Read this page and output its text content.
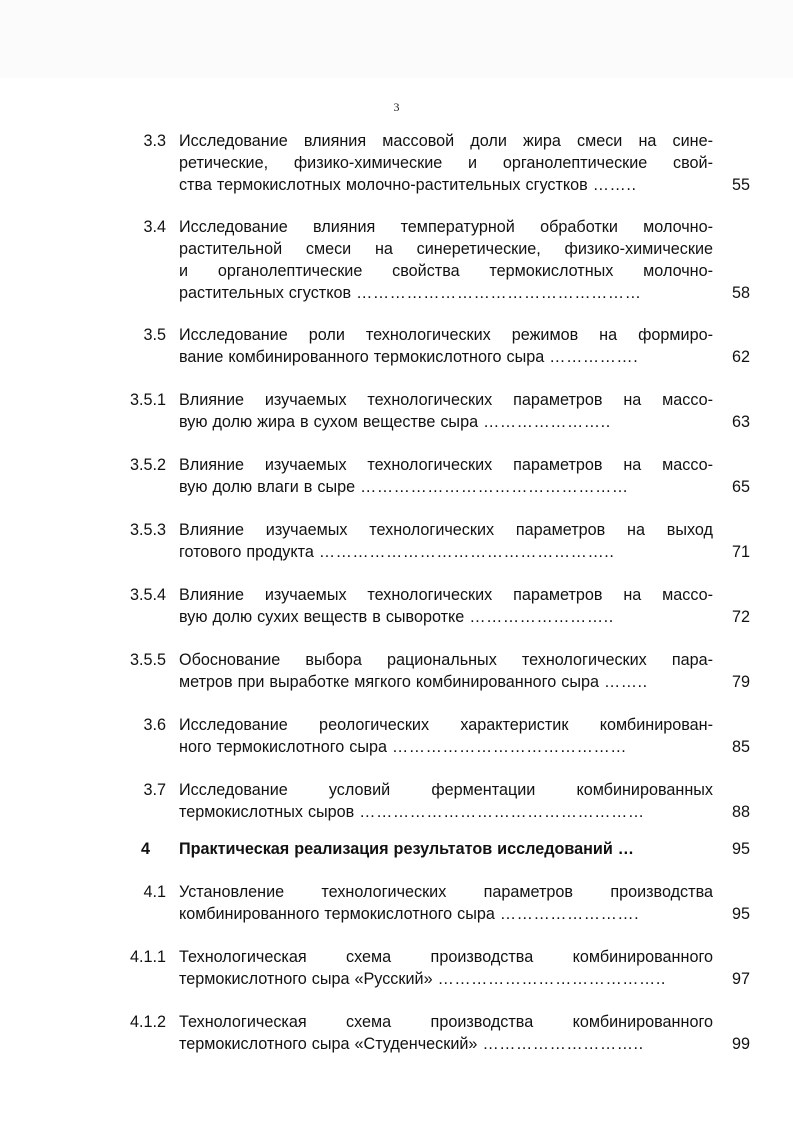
3
3.3 Исследование влияния массовой доли жира смеси на сине-
ретические, физико-химические и органолептические свой-
ства термокислотных молочно-растительных сгустков ……..	55
3.4 Исследование влияния температурной обработки молочно-
растительной смеси на синеретические, физико-химические
и органолептические свойства термокислотных молочно-
растительных сгустков ……………………………………………	58
3.5 Исследование роли технологических режимов на формиро-
вание комбинированного термокислотного сыра …………….	62
3.5.1 Влияние изучаемых технологических параметров на массо-
вую долю жира в сухом веществе сыра …………………..	63
3.5.2 Влияние изучаемых технологических параметров на массо-
вую долю влаги в сыре …………………………………………	65
3.5.3 Влияние изучаемых технологических параметров на выход
готового продукта ……………………………………………..	71
3.5.4 Влияние изучаемых технологических параметров на массо-
вую долю сухих веществ в сыворотке ……………………..	72
3.5.5 Обоснование выбора рациональных технологических пара-
метров при выработке мягкого комбинированного сыра ……..	79
3.6 Исследование реологических характеристик комбинирован-
ного термокислотного сыра ……………………………………	85
3.7 Исследование условий ферментации комбинированных
термокислотных сыров ……………………………………………	88
4 Практическая реализация результатов исследований …	95
4.1 Установление технологических параметров производства
комбинированного термокислотного сыра …………………….	95
4.1.1 Технологическая схема производства комбинированного
термокислотного сыра «Русский» …………………………………..	97
4.1.2 Технологическая схема производства комбинированного
термокислотного сыра «Студенческий» ………………………..	99
